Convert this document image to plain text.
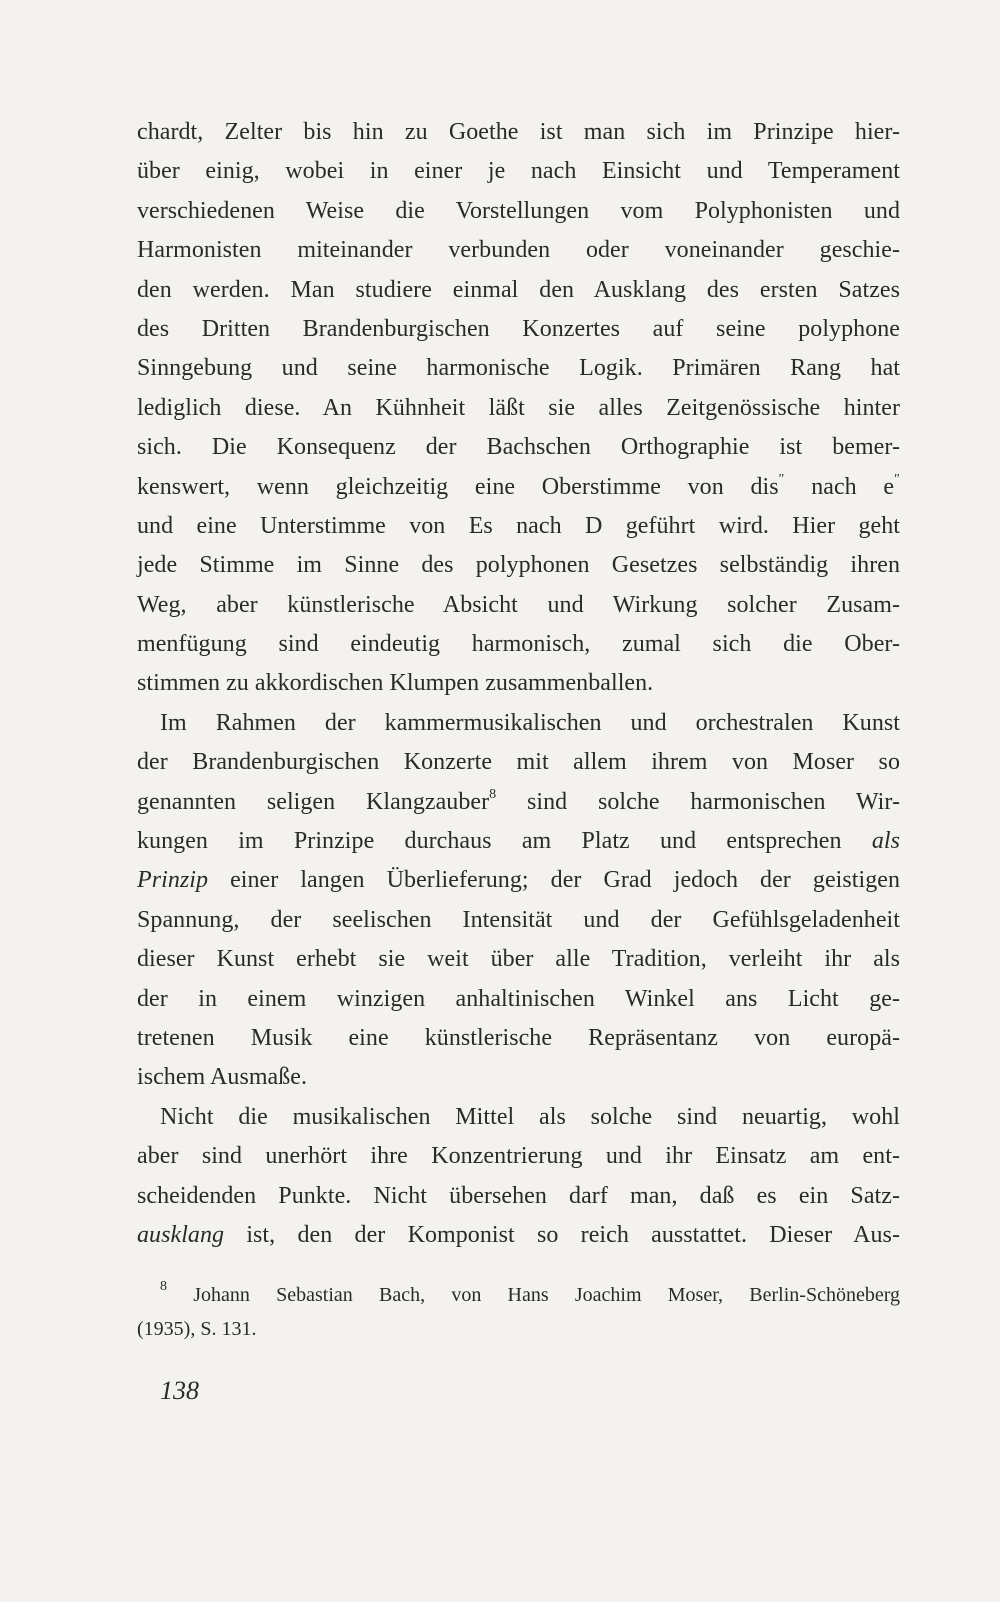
chardt, Zelter bis hin zu Goethe ist man sich im Prinzipe hier-
über einig, wobei in einer je nach Einsicht und Temperament
verschiedenen Weise die Vorstellungen vom Polyphonisten und
Harmonisten miteinander verbunden oder voneinander geschie-
den werden. Man studiere einmal den Ausklang des ersten Satzes
des Dritten Brandenburgischen Konzertes auf seine polyphone
Sinngebung und seine harmonische Logik. Primären Rang hat
lediglich diese. An Kühnheit läßt sie alles Zeitgenössische hinter
sich. Die Konsequenz der Bachschen Orthographie ist bemer-
kenswert, wenn gleichzeitig eine Oberstimme von dis″ nach e″
und eine Unterstimme von Es nach D geführt wird. Hier geht
jede Stimme im Sinne des polyphonen Gesetzes selbständig ihren
Weg, aber künstlerische Absicht und Wirkung solcher Zusam-
menfügung sind eindeutig harmonisch, zumal sich die Ober-
stimmen zu akkordischen Klumpen zusammenballen.
Im Rahmen der kammermusikalischen und orchestralen Kunst
der Brandenburgischen Konzerte mit allem ihrem von Moser so
genannten seligen Klangzauber$^8$ sind solche harmonischen Wir-
kungen im Prinzipe durchaus am Platz und entsprechen als
Prinzip einer langen Überlieferung; der Grad jedoch der geistigen
Spannung, der seelischen Intensität und der Gefühlsgeladenheit
dieser Kunst erhebt sie weit über alle Tradition, verleiht ihr als
der in einem winzigen anhaltinischen Winkel ans Licht ge-
tretenen Musik eine künstlerische Repräsentanz von europä-
ischem Ausmaße.
Nicht die musikalischen Mittel als solche sind neuartig, wohl
aber sind unerhört ihre Konzentrierung und ihr Einsatz am ent-
scheidenden Punkte. Nicht übersehen darf man, daß es ein Satz-
ausklang ist, den der Komponist so reich ausstattet. Dieser Aus-
$^8$ Johann Sebastian Bach, von Hans Joachim Moser, Berlin-Schöneberg
(1935), S. 131.
138
